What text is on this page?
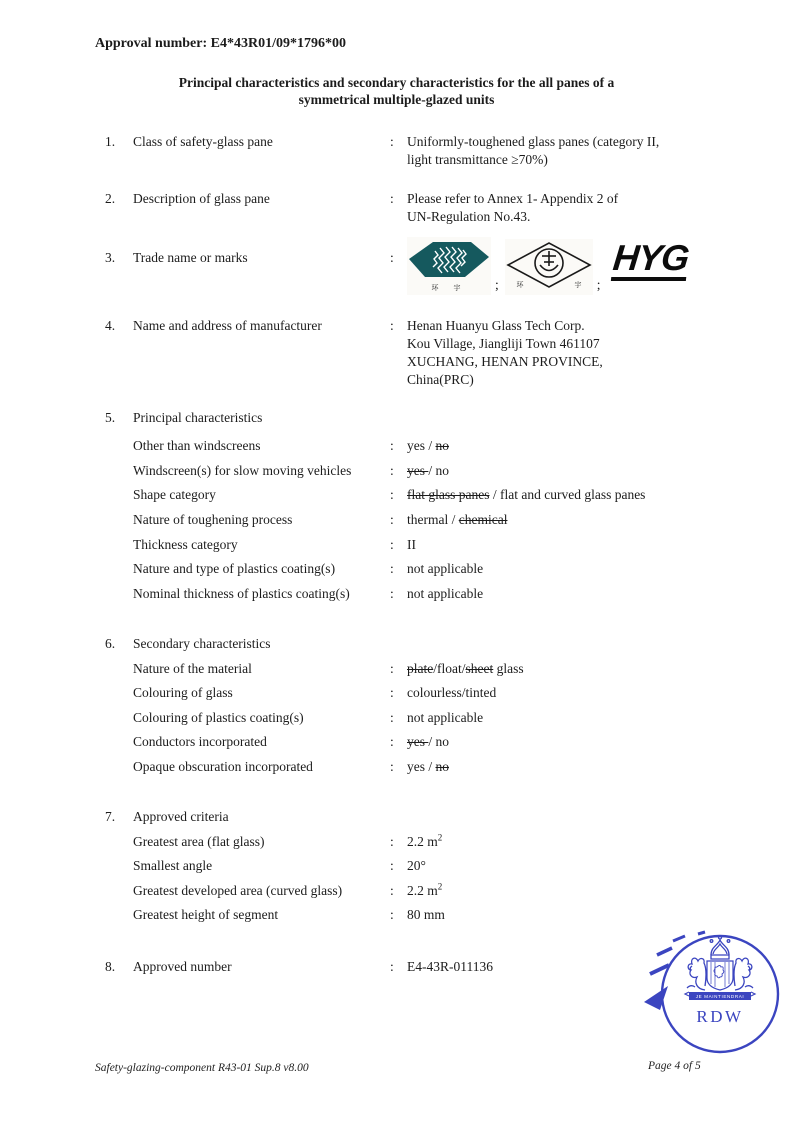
Approval number: E4*43R01/09*1796*00
Principal characteristics and secondary characteristics for the all panes of a
symmetrical multiple-glazed units
1. Class of safety-glass pane	: Uniformly-toughened glass panes (category II,
light transmittance ≥70%)
2. Description of glass pane	: Please refer to Annex 1- Appendix 2 of
UN-Regulation No.43.
3. Trade name or marks	:
环 宇	;	环	宇 ;
HYG
4. Name and address of manufacturer	: Henan Huanyu Glass Tech Corp.
Kou Village, Jiangliji Town 461107
XUCHANG, HENAN PROVINCE,
China(PRC)
5. Principal characteristics
Other than windscreens	: yes / no
Windscreen(s) for slow moving vehicles	: yes / no
Shape category	: flat glass panes / flat and curved glass panes
Nature of toughening process	: thermal / chemical
Thickness category	: II
Nature and type of plastics coating(s)	: not applicable
Nominal thickness of plastics coating(s)	: not applicable
6. Secondary characteristics
Nature of the material	: plate/float/sheet glass
Colouring of glass	: colourless/tinted
Colouring of plastics coating(s)	: not applicable
Conductors incorporated	: yes / no
Opaque obscuration incorporated	: yes / no
7. Approved criteria
Greatest area (flat glass)	: 2.2 $m^2$
Smallest angle	: 20°
Greatest developed area (curved glass)	: 2.2 $m^2$
Greatest height of segment	: 80 mm
8. Approved number	: E4-43R-011136
JE MAINTIENDRAI
RDW
Safety-glazing-component R43-01 Sup.8 v8.00	Page 4 of 5
